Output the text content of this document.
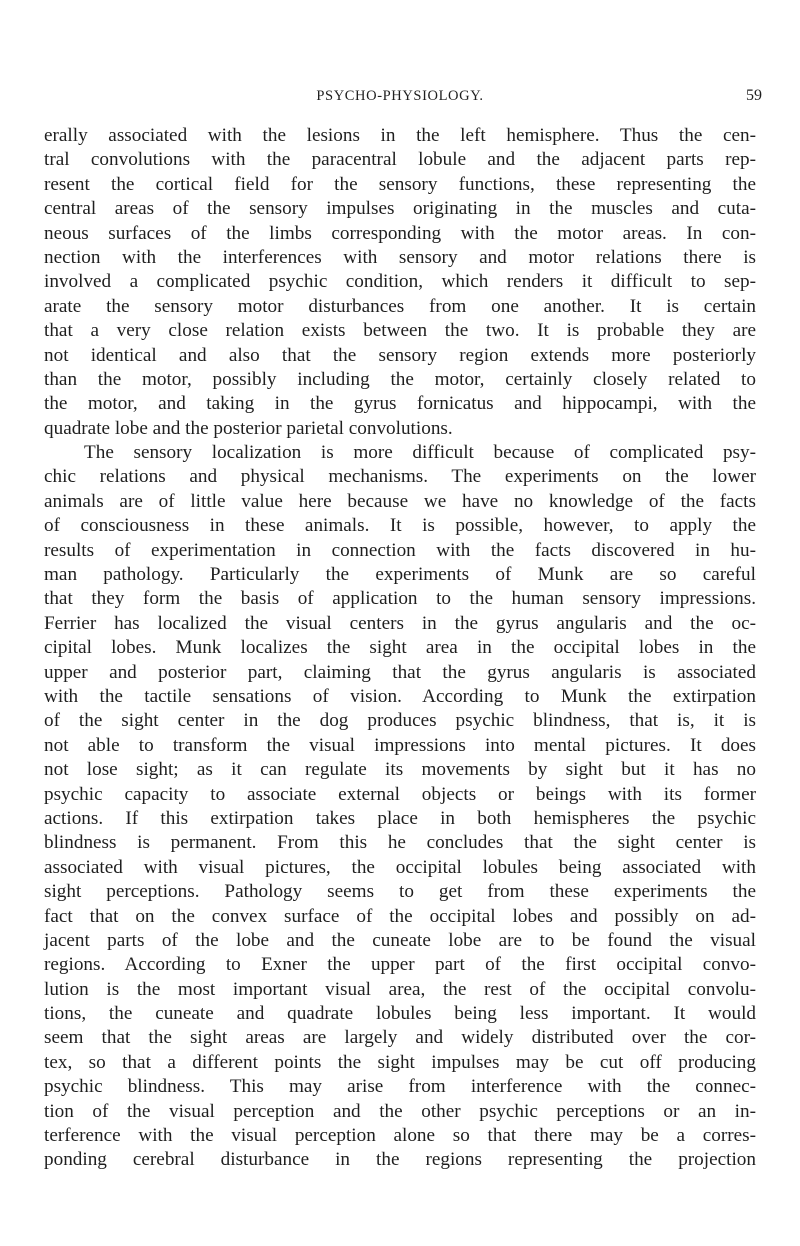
PSYCHO-PHYSIOLOGY.	59
erally associated with the lesions in the left hemisphere. Thus the cen-
tral convolutions with the paracentral lobule and the adjacent parts rep-
resent the cortical field for the sensory functions, these representing the
central areas of the sensory impulses originating in the muscles and cuta-
neous surfaces of the limbs corresponding with the motor areas. In con-
nection with the interferences with sensory and motor relations there is
involved a complicated psychic condition, which renders it difficult to sep-
arate the sensory motor disturbances from one another. It is certain
that a very close relation exists between the two. It is probable they are
not identical and also that the sensory region extends more posteriorly
than the motor, possibly including the motor, certainly closely related to
the motor, and taking in the gyrus fornicatus and hippocampi, with the
quadrate lobe and the posterior parietal convolutions.
The sensory localization is more difficult because of complicated psy-
chic relations and physical mechanisms. The experiments on the lower
animals are of little value here because we have no knowledge of the facts
of consciousness in these animals. It is possible, however, to apply the
results of experimentation in connection with the facts discovered in hu-
man pathology. Particularly the experiments of Munk are so careful
that they form the basis of application to the human sensory impressions.
Ferrier has localized the visual centers in the gyrus angularis and the oc-
cipital lobes. Munk localizes the sight area in the occipital lobes in the
upper and posterior part, claiming that the gyrus angularis is associated
with the tactile sensations of vision. According to Munk the extirpation
of the sight center in the dog produces psychic blindness, that is, it is
not able to transform the visual impressions into mental pictures. It does
not lose sight; as it can regulate its movements by sight but it has no
psychic capacity to associate external objects or beings with its former
actions. If this extirpation takes place in both hemispheres the psychic
blindness is permanent. From this he concludes that the sight center is
associated with visual pictures, the occipital lobules being associated with
sight perceptions. Pathology seems to get from these experiments the
fact that on the convex surface of the occipital lobes and possibly on ad-
jacent parts of the lobe and the cuneate lobe are to be found the visual
regions. According to Exner the upper part of the first occipital convo-
lution is the most important visual area, the rest of the occipital convolu-
tions, the cuneate and quadrate lobules being less important. It would
seem that the sight areas are largely and widely distributed over the cor-
tex, so that a different points the sight impulses may be cut off producing
psychic blindness. This may arise from interference with the connec-
tion of the visual perception and the other psychic perceptions or an in-
terference with the visual perception alone so that there may be a corres-
ponding cerebral disturbance in the regions representing the projection
